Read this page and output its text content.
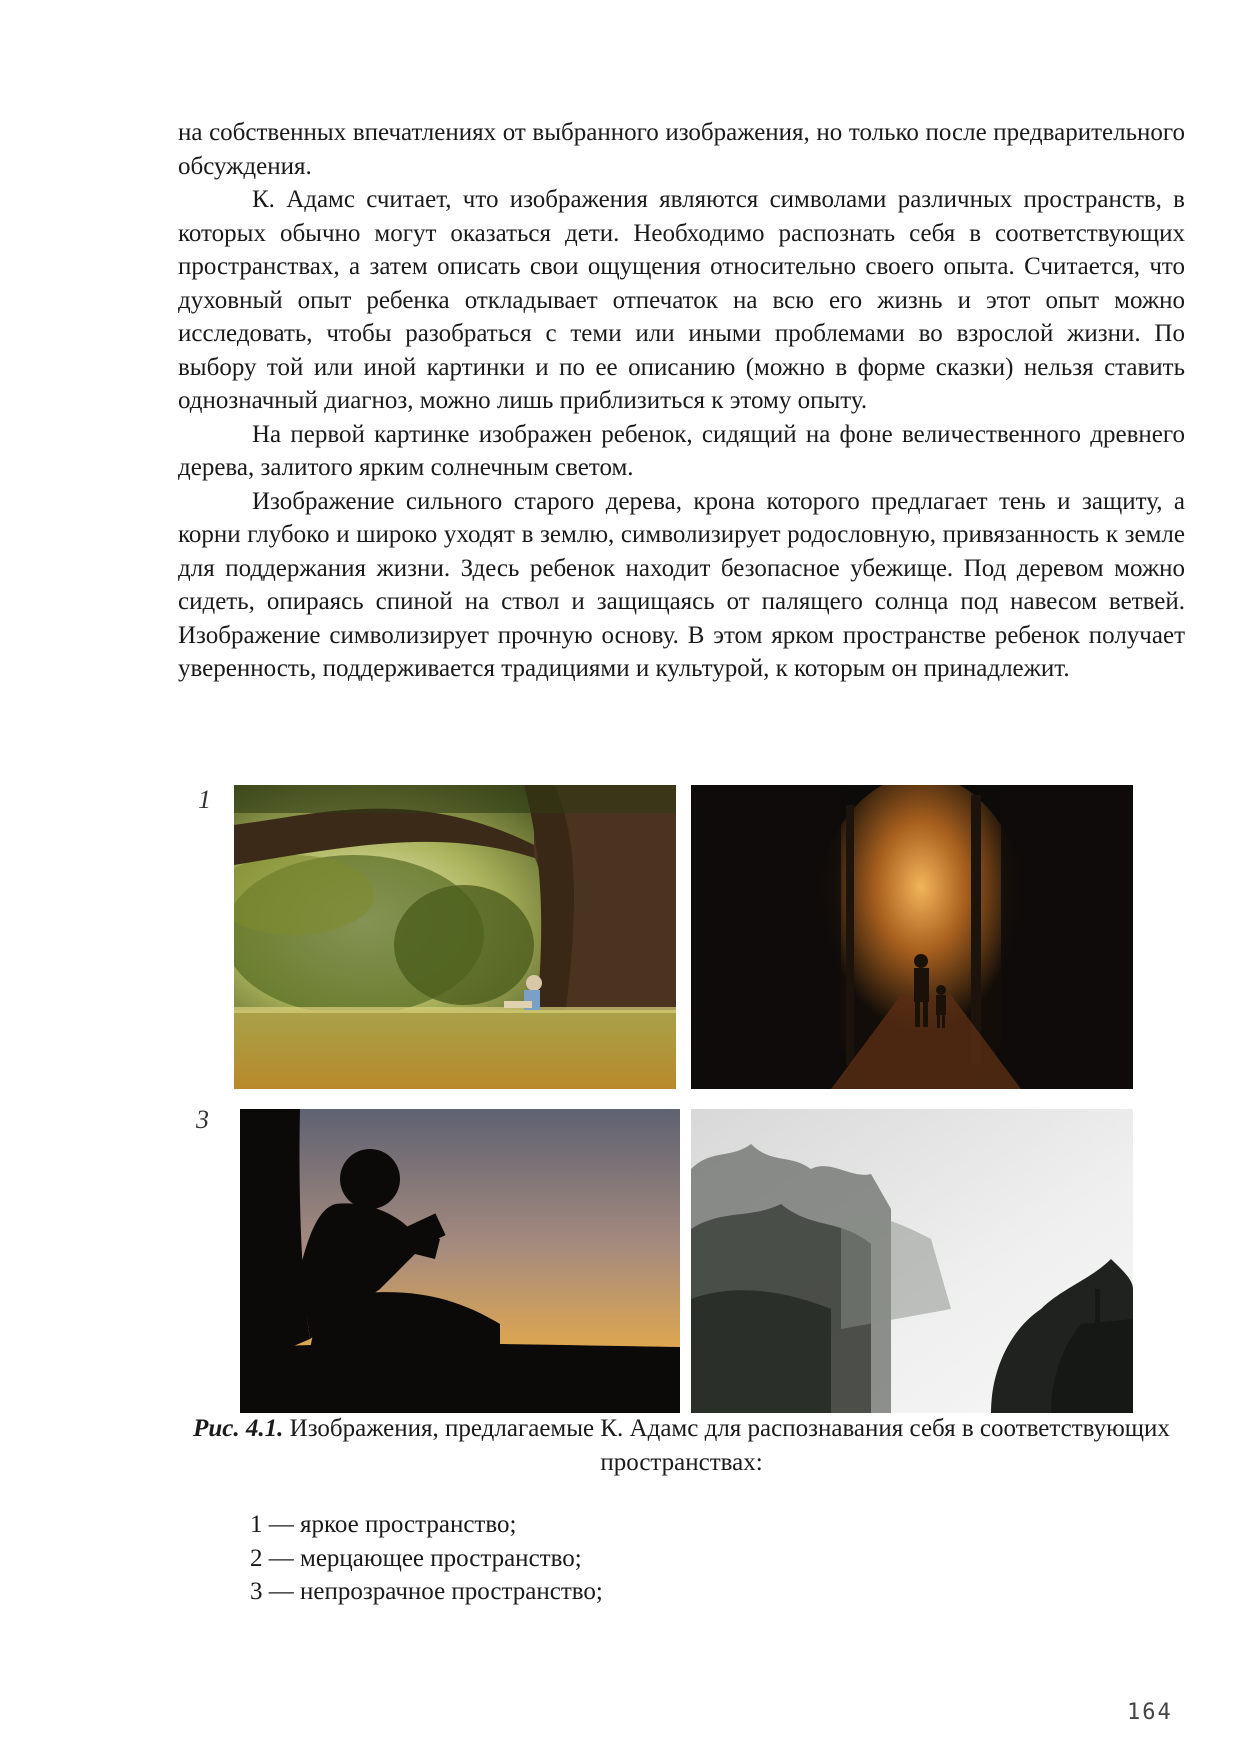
на собственных впечатлениях от выбранного изображения, но только после предварительного обсуждения.

К. Адамс считает, что изображения являются символами различных пространств, в которых обычно могут оказаться дети. Необходимо распознать себя в соответствующих пространствах, а затем описать свои ощущения относительно своего опыта. Считается, что духовный опыт ребенка откладывает отпечаток на всю его жизнь и этот опыт можно исследовать, чтобы разобраться с теми или иными проблемами во взрослой жизни. По выбору той или иной картинки и по ее описанию (можно в форме сказки) нельзя ставить однозначный диагноз, можно лишь приблизиться к этому опыту.

На первой картинке изображен ребенок, сидящий на фоне величественного древнего дерева, залитого ярким солнечным светом.

Изображение сильного старого дерева, крона которого предлагает тень и защиту, а корни глубоко и широко уходят в землю, символизирует родословную, привязанность к земле для поддержания жизни. Здесь ребенок находит безопасное убежище. Под деревом можно сидеть, опираясь спиной на ствол и защищаясь от палящего солнца под навесом ветвей. Изображение символизирует прочную основу. В этом ярком пространстве ребенок получает уверенность, поддерживается традициями и культурой, к которым он принадлежит.

1
3
Рис. 4.1. Изображения, предлагаемые К. Адамс для распознавания себя в соответствующих пространствах:
1 — яркое пространство;
2 — мерцающее пространство;
3 — непрозрачное пространство;
164
